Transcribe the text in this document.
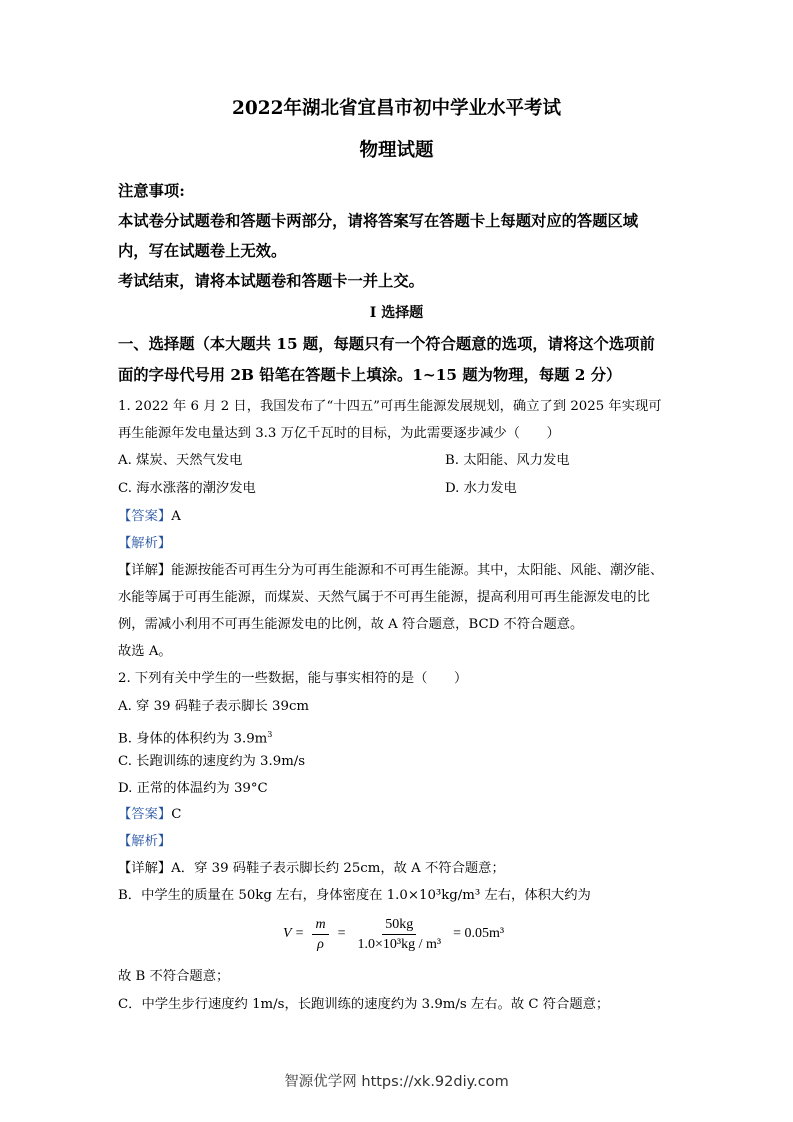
2022年湖北省宜昌市初中学业水平考试
物理试题
注意事项:
本试卷分试题卷和答题卡两部分，请将答案写在答题卡上每题对应的答题区域
内，写在试题卷上无效。
考试结束，请将本试题卷和答题卡一并上交。
I 选择题
一、选择题（本大题共 15 题，每题只有一个符合题意的选项，请将这个选项前
面的字母代号用 2B 铅笔在答题卡上填涂。1~15 题为物理，每题 2 分）
1. 2022 年 6 月 2 日，我国发布了“十四五”可再生能源发展规划，确立了到 2025 年实现可
再生能源年发电量达到 3.3 万亿千瓦时的目标，为此需要逐步减少（　　）
A. 煤炭、天然气发电	B. 太阳能、风力发电
C. 海水涨落的潮汐发电	D. 水力发电
【答案】A
【解析】
【详解】能源按能否可再生分为可再生能源和不可再生能源。其中，太阳能、风能、潮汐能、
水能等属于可再生能源，而煤炭、天然气属于不可再生能源，提高利用可再生能源发电的比
例，需减小利用不可再生能源发电的比例，故 A 符合题意，BCD 不符合题意。
故选 A。
2. 下列有关中学生的一些数据，能与事实相符的是（　　）
A. 穿 39 码鞋子表示脚长 39cm
B. 身体的体积约为 $3.9m^3$
C. 长跑训练的速度约为 3.9m/s
D. 正常的体温约为 39°C
【答案】C
【解析】
【详解】A．穿 39 码鞋子表示脚长约 25cm，故 A 不符合题意；
B．中学生的质量在 50kg 左右，身体密度在 1.0×10³kg/m³ 左右，体积大约为
$V = \frac{m}{\rho} = \frac{50kg}{\text{1.0×10³kg / m³}} = 0.05m^3$
故 B 不符合题意；
C．中学生步行速度约 1m/s，长跑训练的速度约为 3.9m/s 左右。故 C 符合题意；
智源优学网 https://xk.92diy.com
